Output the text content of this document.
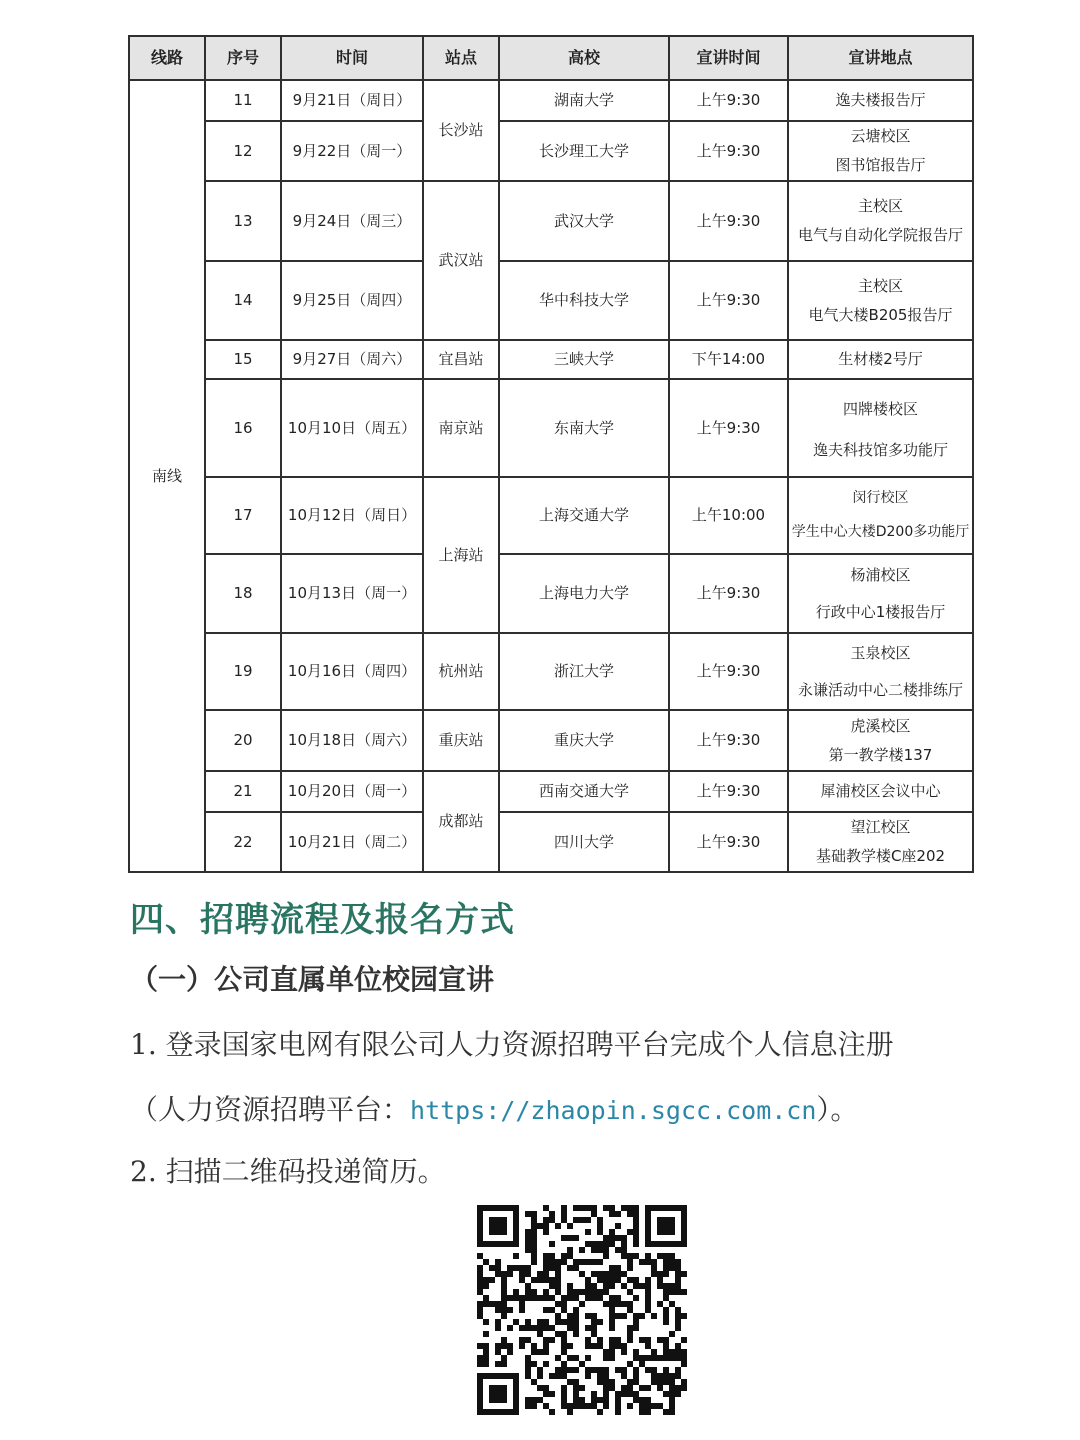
线路	序号	时间	站点	高校	宣讲时间	宣讲地点
南线	11	9月21日（周日）	长沙站	湖南大学	上午9:30	逸夫楼报告厅

	12	9月22日（周一）		长沙理工大学	上午9:30	云塘校区
图书馆报告厅

	13	9月24日（周三）	武汉站	武汉大学	上午9:30	主校区
电气与自动化学院报告厅

	14	9月25日（周四）		华中科技大学	上午9:30	主校区
电气大楼B205报告厅

	15	9月27日（周六）	宜昌站	三峡大学	下午14:00	生材楼2号厅

	16	10月10日（周五）	南京站	东南大学	上午9:30	四牌楼校区
逸夫科技馆多功能厅

	17	10月12日（周日）	上海站	上海交通大学	上午10:00	闵行校区
学生中心大楼D200多功能厅

	18	10月13日（周一）		上海电力大学	上午9:30	杨浦校区
行政中心1楼报告厅

	19	10月16日（周四）	杭州站	浙江大学	上午9:30	玉泉校区
永谦活动中心二楼排练厅

	20	10月18日（周六）	重庆站	重庆大学	上午9:30	虎溪校区
第一教学楼137

	21	10月20日（周一）	成都站	西南交通大学	上午9:30	犀浦校区会议中心

	22	10月21日（周二）		四川大学	上午9:30	望江校区
基础教学楼C座202
四、招聘流程及报名方式
（一）公司直属单位校园宣讲

1. 登录国家电网有限公司人力资源招聘平台完成个人信息注册

（人力资源招聘平台：https://zhaopin.sgcc.com.cn）。

2. 扫描二维码投递简历。
